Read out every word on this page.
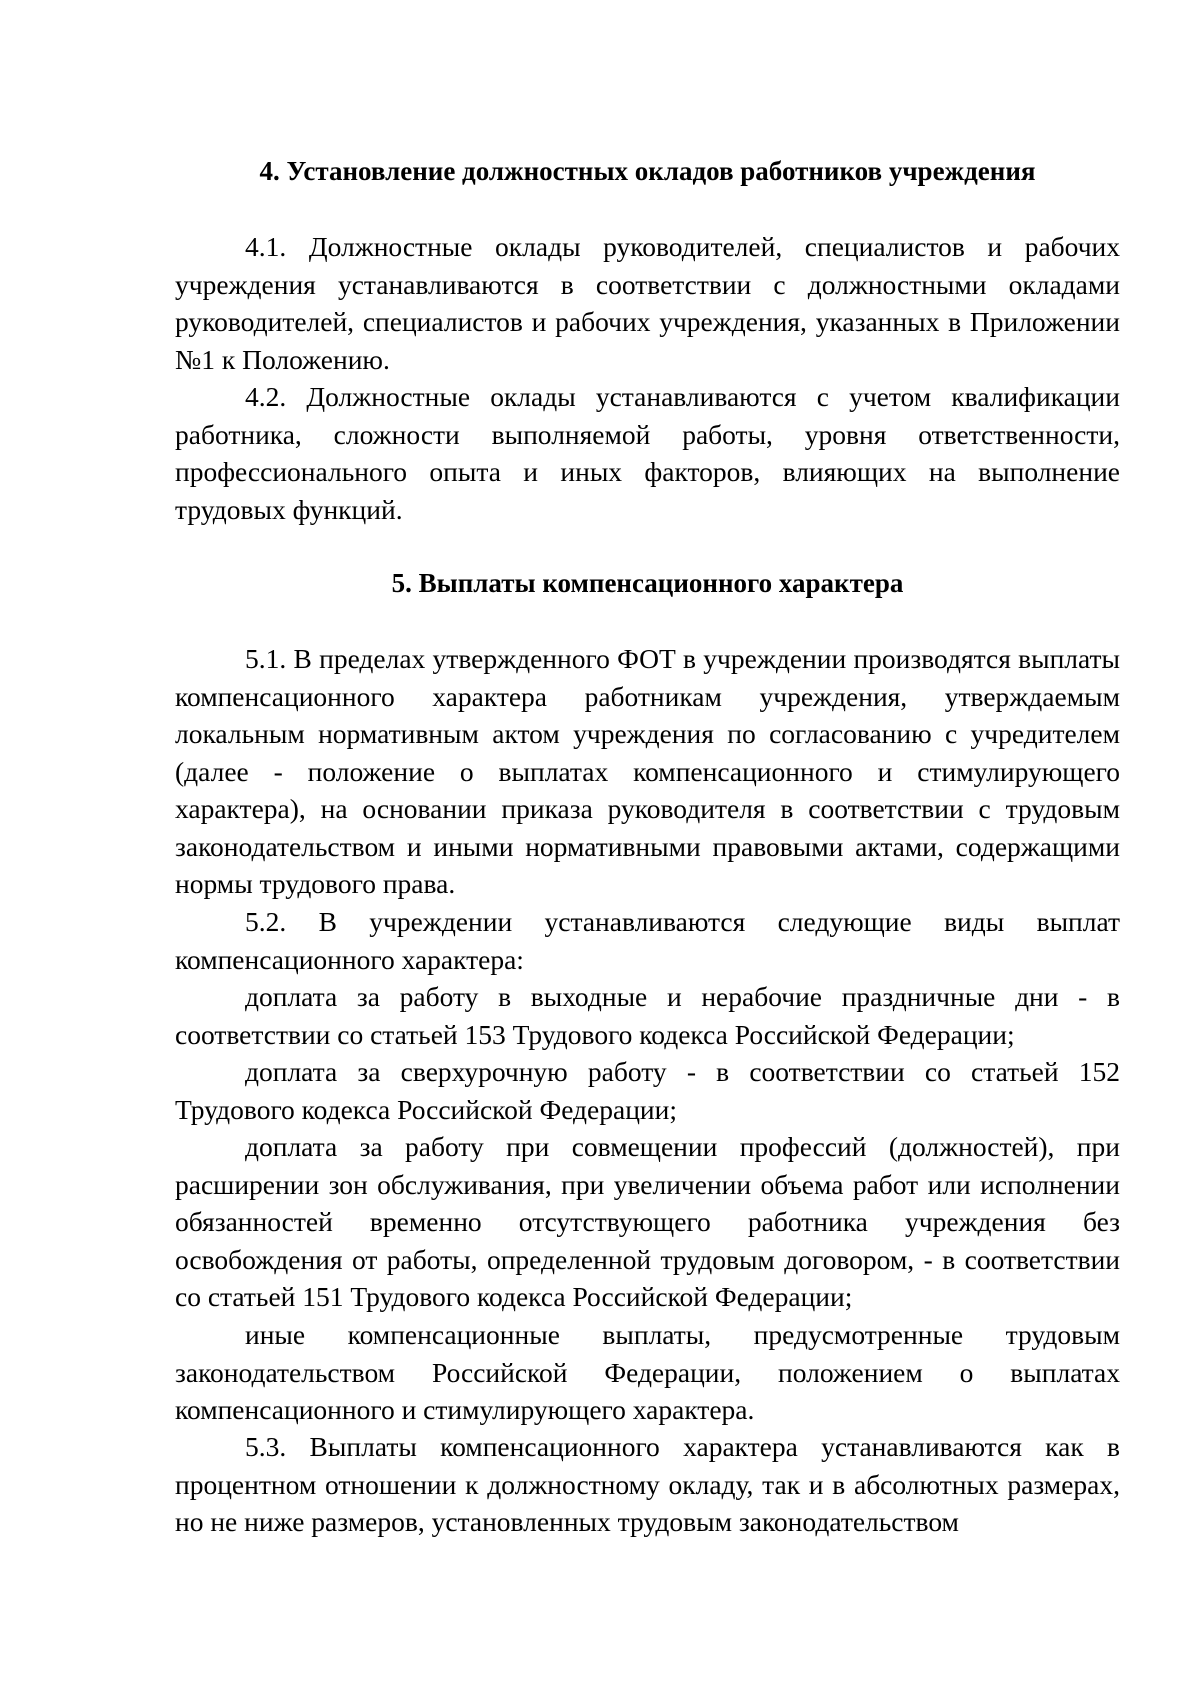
4. Установление должностных окладов работников учреждения

4.1. Должностные оклады руководителей, специалистов и рабочих учреждения устанавливаются в соответствии с должностными окладами руководителей, специалистов и рабочих учреждения, указанных в Приложении №1 к Положению.

4.2. Должностные оклады устанавливаются с учетом квалификации работника, сложности выполняемой работы, уровня ответственности, профессионального опыта и иных факторов, влияющих на выполнение трудовых функций.

5. Выплаты компенсационного характера

5.1. В пределах утвержденного ФОТ в учреждении производятся выплаты компенсационного характера работникам учреждения, утверждаемым локальным нормативным актом учреждения по согласованию с учредителем (далее - положение о выплатах компенсационного и стимулирующего характера), на основании приказа руководителя в соответствии с трудовым законодательством и иными нормативными правовыми актами, содержащими нормы трудового права.

5.2. В учреждении устанавливаются следующие виды выплат компенсационного характера:

доплата за работу в выходные и нерабочие праздничные дни - в соответствии со статьей 153 Трудового кодекса Российской Федерации;

доплата за сверхурочную работу - в соответствии со статьей 152 Трудового кодекса Российской Федерации;

доплата за работу при совмещении профессий (должностей), при расширении зон обслуживания, при увеличении объема работ или исполнении обязанностей временно отсутствующего работника учреждения без освобождения от работы, определенной трудовым договором, - в соответствии со статьей 151 Трудового кодекса Российской Федерации;

иные компенсационные выплаты, предусмотренные трудовым законодательством Российской Федерации, положением о выплатах компенсационного и стимулирующего характера.

5.3. Выплаты компенсационного характера устанавливаются как в процентном отношении к должностному окладу, так и в абсолютных размерах, но не ниже размеров, установленных трудовым законодательством
